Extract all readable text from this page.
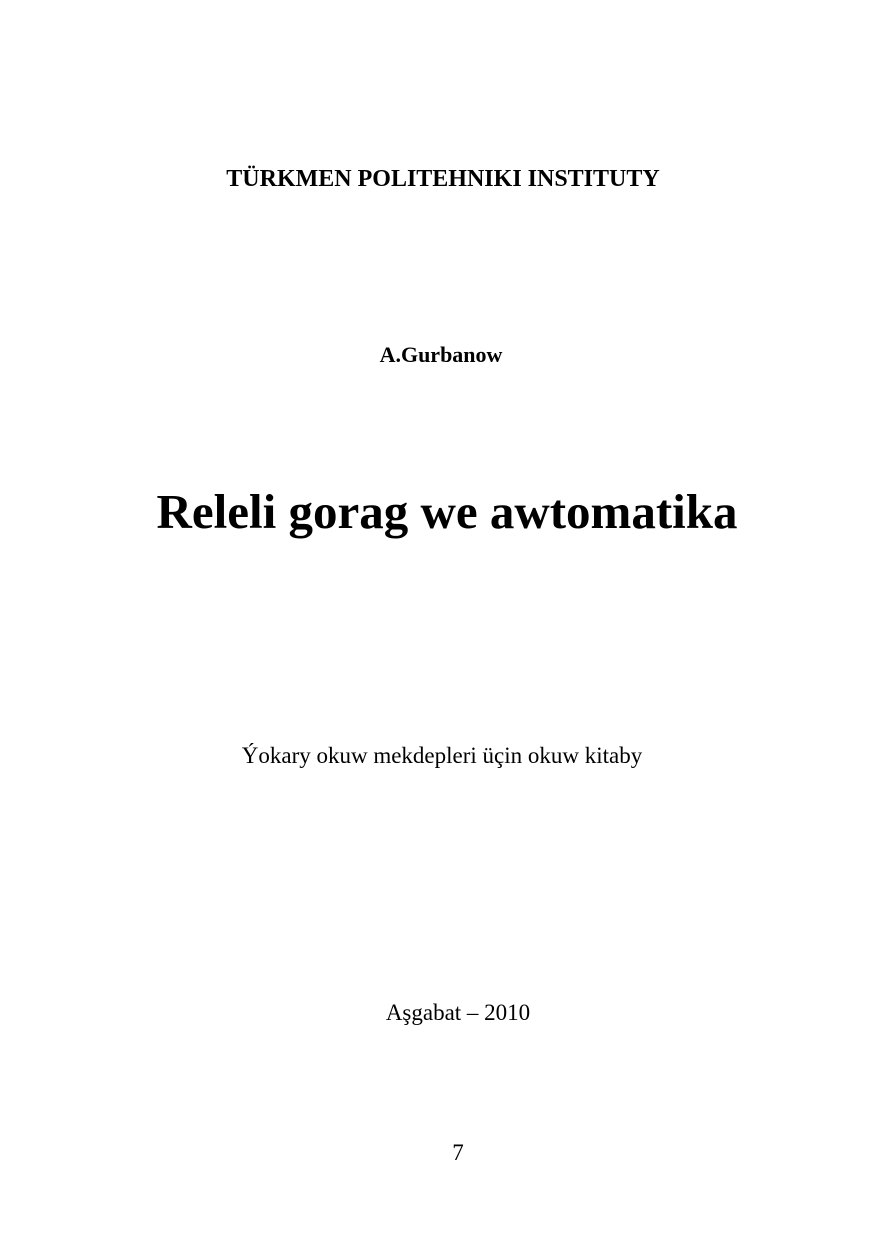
TÜRKMEN POLITEHNIKI INSTITUTY
A.Gurbanow
Releli gorag we awtomatika
Ýokary okuw mekdepleri üçin okuw kitaby
Aşgabat – 2010
7
